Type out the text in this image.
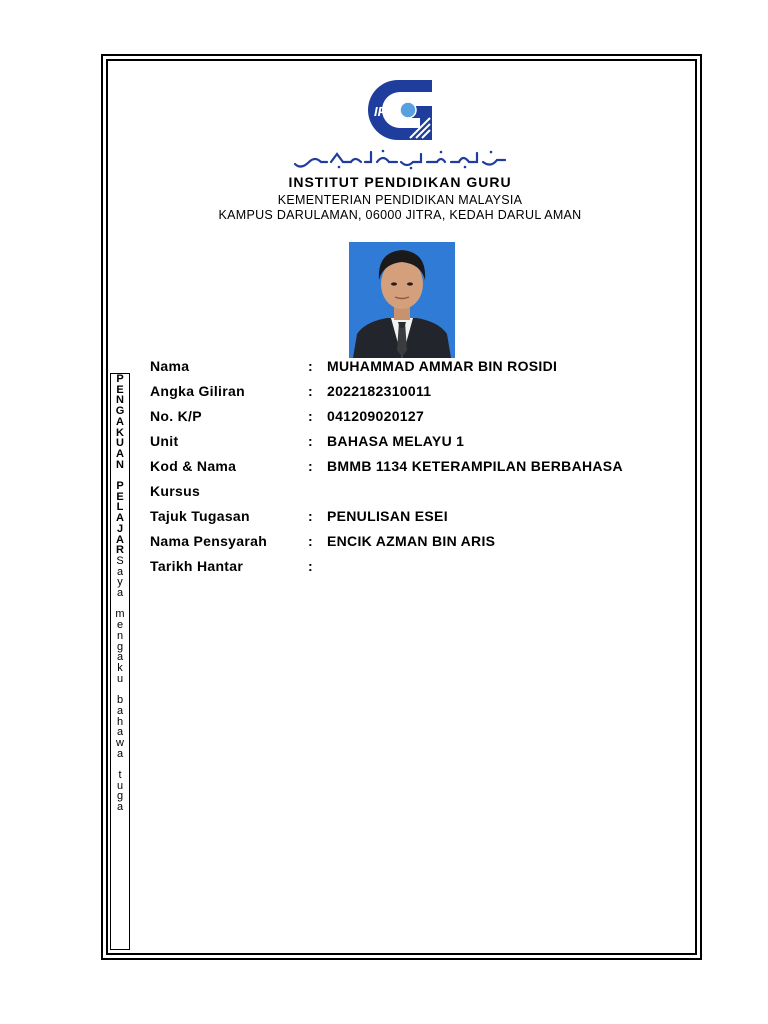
IPG
INSTITUT PENDIDIKAN GURU
KEMENTERIAN PENDIDIKAN MALAYSIA
KAMPUS DARULAMAN, 06000 JITRA, KEDAH DARUL AMAN
P
E
N
G
A
K
U
A
N

P
E
L
A
J
A
R
S
a
y
a

m
e
n
g
a
k
u

b
a
h
a
w
a

t
u
g
a
Nama	: MUHAMMAD AMMAR BIN ROSIDI
Angka Giliran	: 2022182310011
No. K/P	: 041209020127
Unit	: BAHASA MELAYU 1
Kod & Nama	: BMMB 1134 KETERAMPILAN BERBAHASA
Kursus
Tajuk Tugasan	: PENULISAN ESEI
Nama Pensyarah	: ENCIK AZMAN BIN ARIS
Tarikh Hantar	:
